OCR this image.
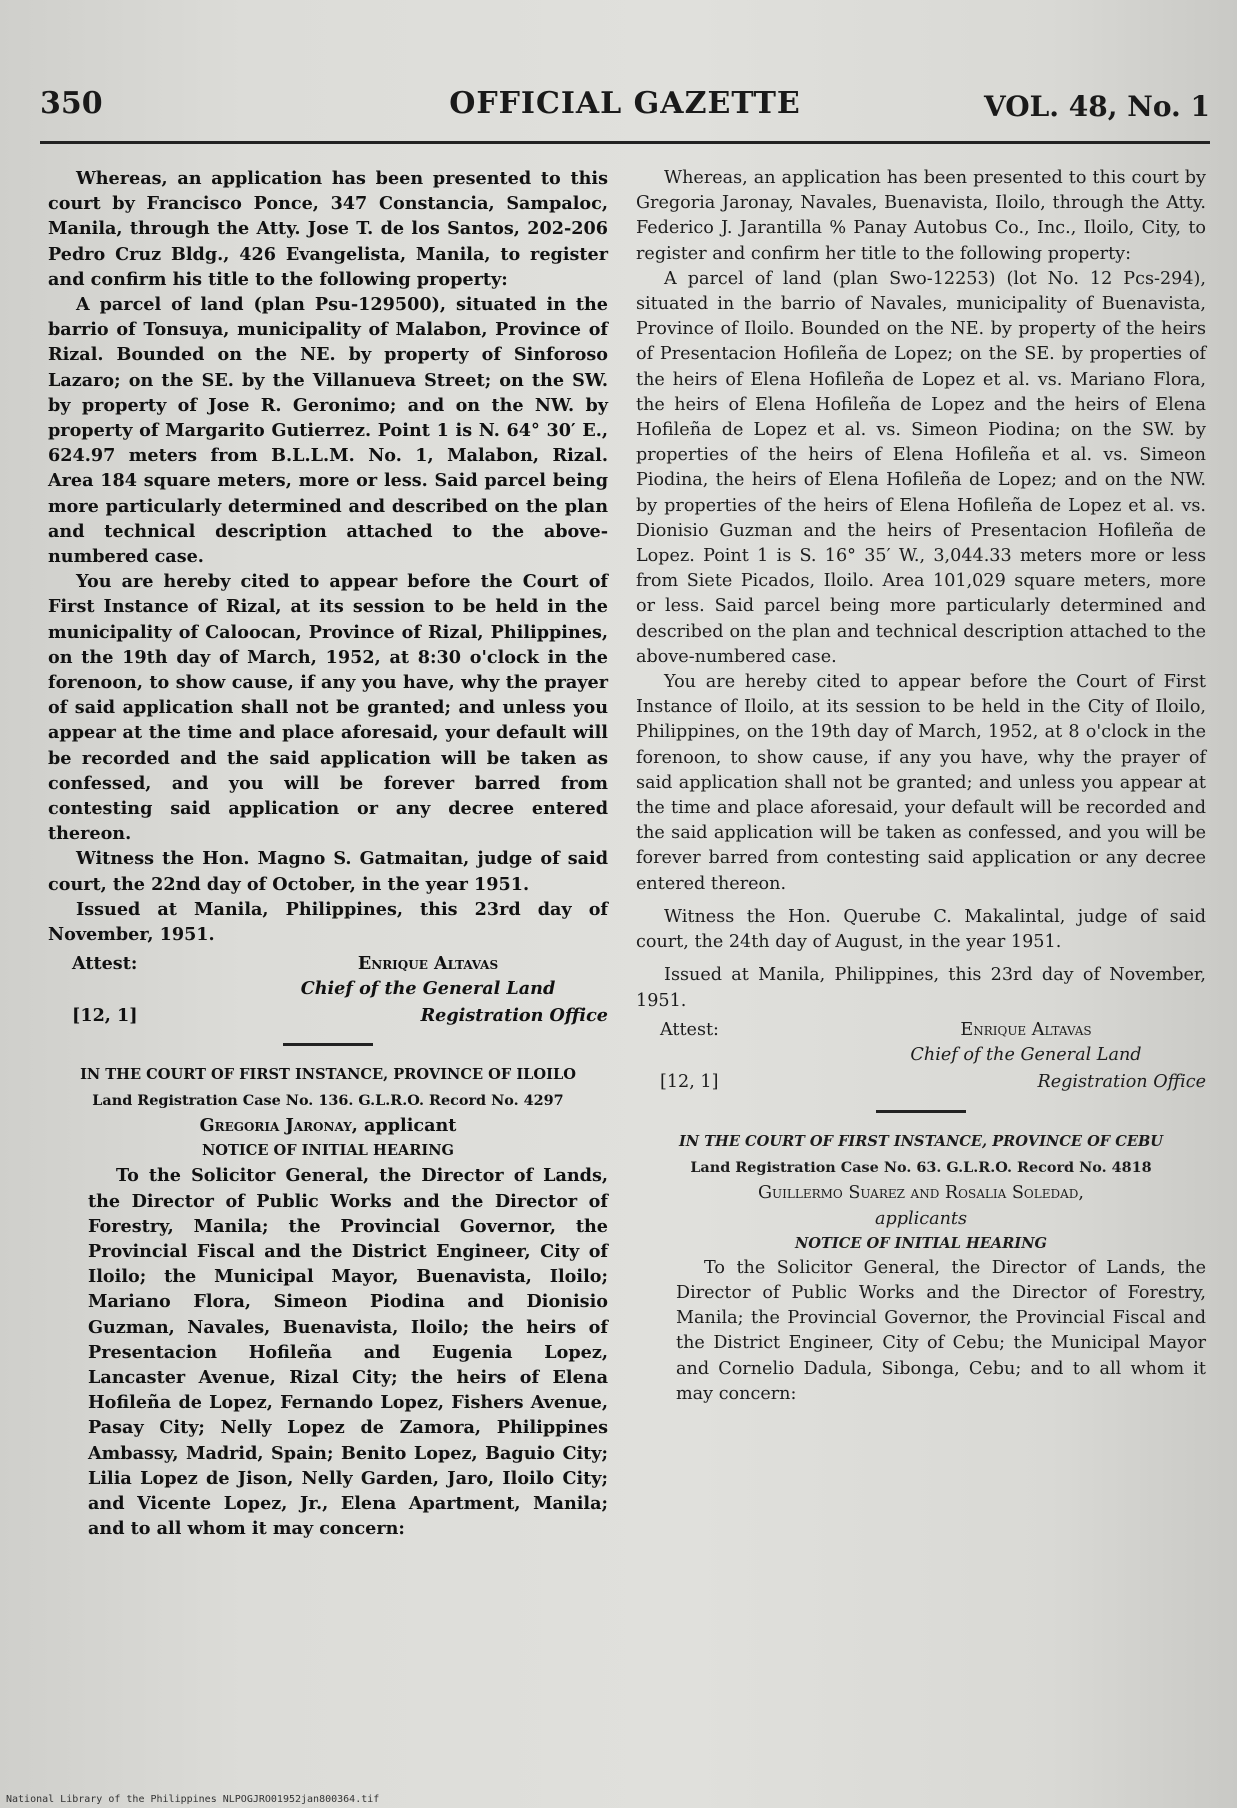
OFFICIAL GAZETTE
350	VOL. 48, No. 1

Whereas, an application has been presented to this court by Francisco Ponce, 347 Constancia, Sampaloc, Manila, through the Atty. Jose T. de los Santos, 202-206 Pedro Cruz Bldg., 426 Evangelista, Manila, to register and confirm his title to the following property:

A parcel of land (plan Psu-129500), situated in the barrio of Tonsuya, municipality of Malabon, Province of Rizal. Bounded on the NE. by property of Sinforoso Lazaro; on the SE. by the Villanueva Street; on the SW. by property of Jose R. Geronimo; and on the NW. by property of Margarito Gutierrez. Point 1 is N. 64° 30′ E., 624.97 meters from B.L.L.M. No. 1, Malabon, Rizal. Area 184 square meters, more or less. Said parcel being more particularly determined and described on the plan and technical description attached to the above-numbered case.

You are hereby cited to appear before the Court of First Instance of Rizal, at its session to be held in the municipality of Caloocan, Province of Rizal, Philippines, on the 19th day of March, 1952, at 8:30 o'clock in the forenoon, to show cause, if any you have, why the prayer of said application shall not be granted; and unless you appear at the time and place aforesaid, your default will be recorded and the said application will be taken as confessed, and you will be forever barred from contesting said application or any decree entered thereon.

Witness the Hon. Magno S. Gatmaitan, judge of said court, the 22nd day of October, in the year 1951.

Issued at Manila, Philippines, this 23rd day of November, 1951.

Attest:	Enrique Altavas
Chief of the General Land
[12, 1]	Registration Office
IN THE COURT OF FIRST INSTANCE, PROVINCE OF ILOILO
Land Registration Case No. 136. G.L.R.O. Record No. 4297
Gregoria Jaronay, applicant
NOTICE OF INITIAL HEARING

To the Solicitor General, the Director of Lands, the Director of Public Works and the Director of Forestry, Manila; the Provincial Governor, the Provincial Fiscal and the District Engineer, City of Iloilo; the Municipal Mayor, Buenavista, Iloilo; Mariano Flora, Simeon Piodina and Dionisio Guzman, Navales, Buenavista, Iloilo; the heirs of Presentacion Hofileña and Eugenia Lopez, Lancaster Avenue, Rizal City; the heirs of Elena Hofileña de Lopez, Fernando Lopez, Fishers Avenue, Pasay City; Nelly Lopez de Zamora, Philippines Ambassy, Madrid, Spain; Benito Lopez, Baguio City; Lilia Lopez de Jison, Nelly Garden, Jaro, Iloilo City; and Vicente Lopez, Jr., Elena Apartment, Manila; and to all whom it may concern:

Whereas, an application has been presented to this court by Gregoria Jaronay, Navales, Buenavista, Iloilo, through the Atty. Federico J. Jarantilla % Panay Autobus Co., Inc., Iloilo, City, to register and confirm her title to the following property:

A parcel of land (plan Swo-12253) (lot No. 12 Pcs-294), situated in the barrio of Navales, municipality of Buenavista, Province of Iloilo. Bounded on the NE. by property of the heirs of Presentacion Hofileña de Lopez; on the SE. by properties of the heirs of Elena Hofileña de Lopez et al. vs. Mariano Flora, the heirs of Elena Hofileña de Lopez and the heirs of Elena Hofileña de Lopez et al. vs. Simeon Piodina; on the SW. by properties of the heirs of Elena Hofileña et al. vs. Simeon Piodina, the heirs of Elena Hofileña de Lopez; and on the NW. by properties of the heirs of Elena Hofileña de Lopez et al. vs. Dionisio Guzman and the heirs of Presentacion Hofileña de Lopez. Point 1 is S. 16° 35′ W., 3,044.33 meters more or less from Siete Picados, Iloilo. Area 101,029 square meters, more or less. Said parcel being more particularly determined and described on the plan and technical description attached to the above-numbered case.

You are hereby cited to appear before the Court of First Instance of Iloilo, at its session to be held in the City of Iloilo, Philippines, on the 19th day of March, 1952, at 8 o'clock in the forenoon, to show cause, if any you have, why the prayer of said application shall not be granted; and unless you appear at the time and place aforesaid, your default will be recorded and the said application will be taken as confessed, and you will be forever barred from contesting said application or any decree entered thereon.

Witness the Hon. Querube C. Makalintal, judge of said court, the 24th day of August, in the year 1951.

Issued at Manila, Philippines, this 23rd day of November, 1951.

Attest:	Enrique Altavas
Chief of the General Land
[12, 1]	Registration Office
IN THE COURT OF FIRST INSTANCE, PROVINCE OF CEBU
Land Registration Case No. 63. G.L.R.O. Record No. 4818
Guillermo Suarez and Rosalia Soledad,
applicants
NOTICE OF INITIAL HEARING

To the Solicitor General, the Director of Lands, the Director of Public Works and the Director of Forestry, Manila; the Provincial Governor, the Provincial Fiscal and the District Engineer, City of Cebu; the Municipal Mayor and Cornelio Dadula, Sibonga, Cebu; and to all whom it may concern:

National Library of the Philippines NLPOGJRO01952jan800364.tif
